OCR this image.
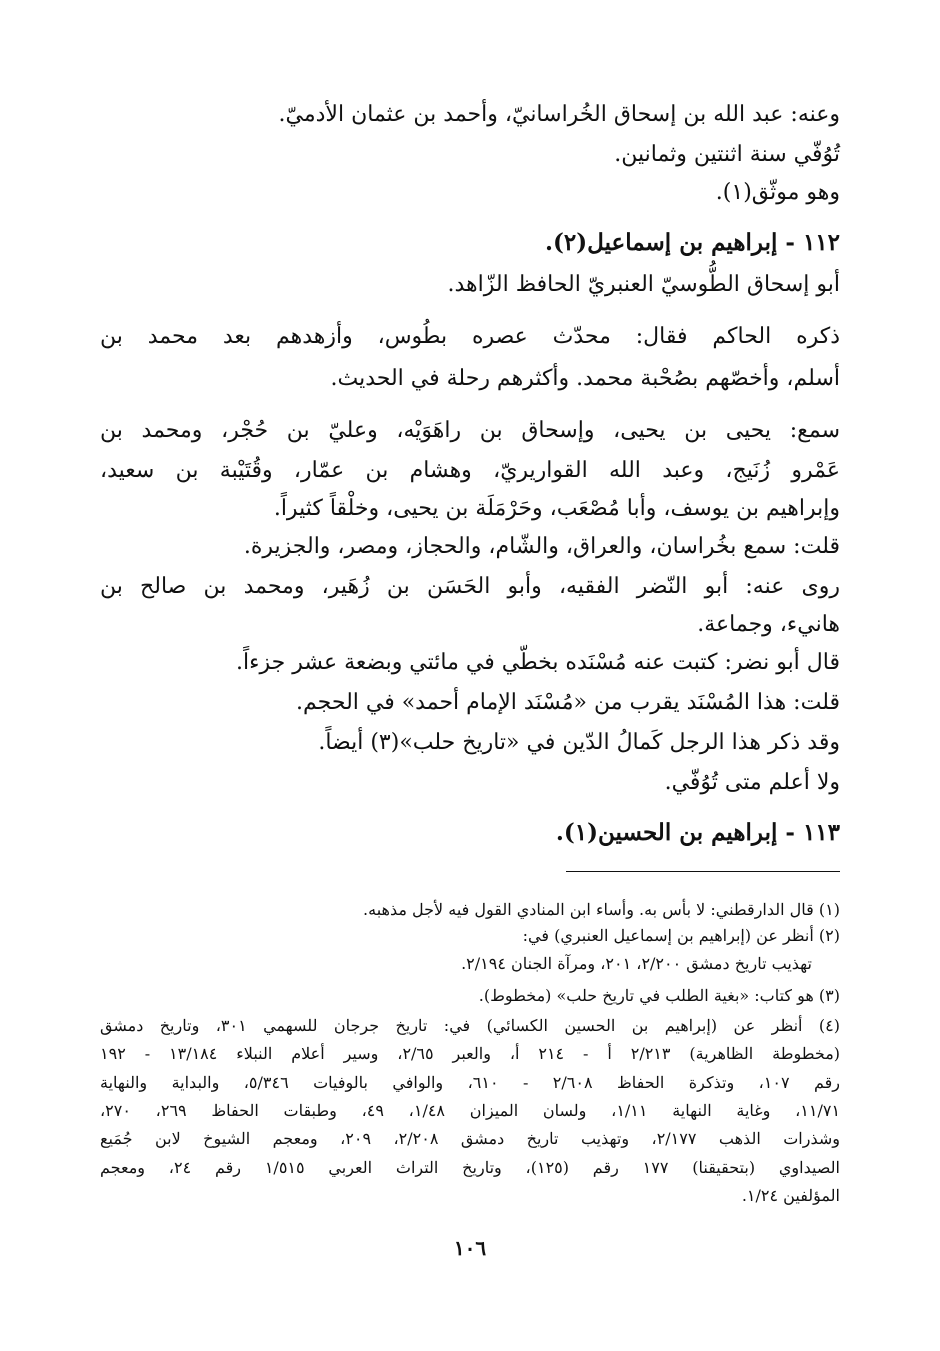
وعنه: عبد الله بن إسحاق الخُراسانيّ، وأحمد بن عثمان الأدميّ.
تُوُفّي سنة اثنتين وثمانين.
وهو موثّق(١).
١١٢ - إبراهيم بن إسماعيل(٢).
أبو إسحاق الطُّوسيّ العنبريّ الحافظ الزّاهد.
ذكره الحاكم فقال: محدّث عصره بطُوس، وأزهدهم بعد محمد بن
أسلم، وأخصّهم بصُحْبة محمد. وأكثرهم رحلة في الحديث.
سمع: يحيى بن يحيى، وإسحاق بن راهَوَيْه، وعليّ بن حُجْر، ومحمد بن
عَمْرو زُنَيج، وعبد الله القواريريّ، وهشام بن عمّار، وقُتَيْبة بن سعيد،
وإبراهيم بن يوسف، وأبا مُصْعَب، وحَرْمَلَة بن يحيى، وخلْقاً كثيراً.
قلت: سمع بخُراسان، والعراق، والشّام، والحجاز، ومصر، والجزيرة.
روى عنه: أبو النّضر الفقيه، وأبو الحَسَن بن زُهَير، ومحمد بن صالح بن
هانيء، وجماعة.
قال أبو نضر: كتبت عنه مُسْنَده بخطّي في مائتي وبضعة عشر جزءاً.
قلت: هذا المُسْنَد يقرب من «مُسْنَد الإمام أحمد» في الحجم.
وقد ذكر هذا الرجل كَمالُ الدّين في «تاريخ حلب»(٣) أيضاً.
ولا أعلم متى تُوُفّي.
١١٣ - إبراهيم بن الحسين(١).
(١) قال الدارقطني: لا بأس به. وأساء ابن المنادي القول فيه لأجل مذهبه.
(٢) أنظر عن (إبراهيم بن إسماعيل العنبري) في:
تهذيب تاريخ دمشق ٢/٢٠٠، ٢٠١، ومرآة الجنان ٢/١٩٤.
(٣) هو كتاب: «بغية الطلب في تاريخ حلب» (مخطوط).
(٤) أنظر عن (إبراهيم بن الحسين الكسائي) في: تاريخ جرجان للسهمي ٣٠١، وتاريخ دمشق
(مخطوطة الظاهرية) ٢/٢١٣ أ - ٢١٤ أ، والعبر ٢/٦٥، وسير أعلام النبلاء ١٣/١٨٤ - ١٩٢
رقم ١٠٧، وتذكرة الحفاظ ٢/٦٠٨ - ٦١٠، والوافي بالوفيات ٥/٣٤٦، والبداية والنهاية
١١/٧١، وغاية النهاية ١/١١، ولسان الميزان ١/٤٨، ٤٩، وطبقات الحفاظ ٢٦٩، ٢٧٠،
وشذرات الذهب ٢/١٧٧، وتهذيب تاريخ دمشق ٢/٢٠٨، ٢٠٩، ومعجم الشيوخ لابن جُمَيع
الصيداوي (بتحقيقنا) ١٧٧ رقم (١٢٥)، وتاريخ التراث العربي ١/٥١٥ رقم ٢٤، ومعجم
المؤلفين ١/٢٤.
١٠٦
